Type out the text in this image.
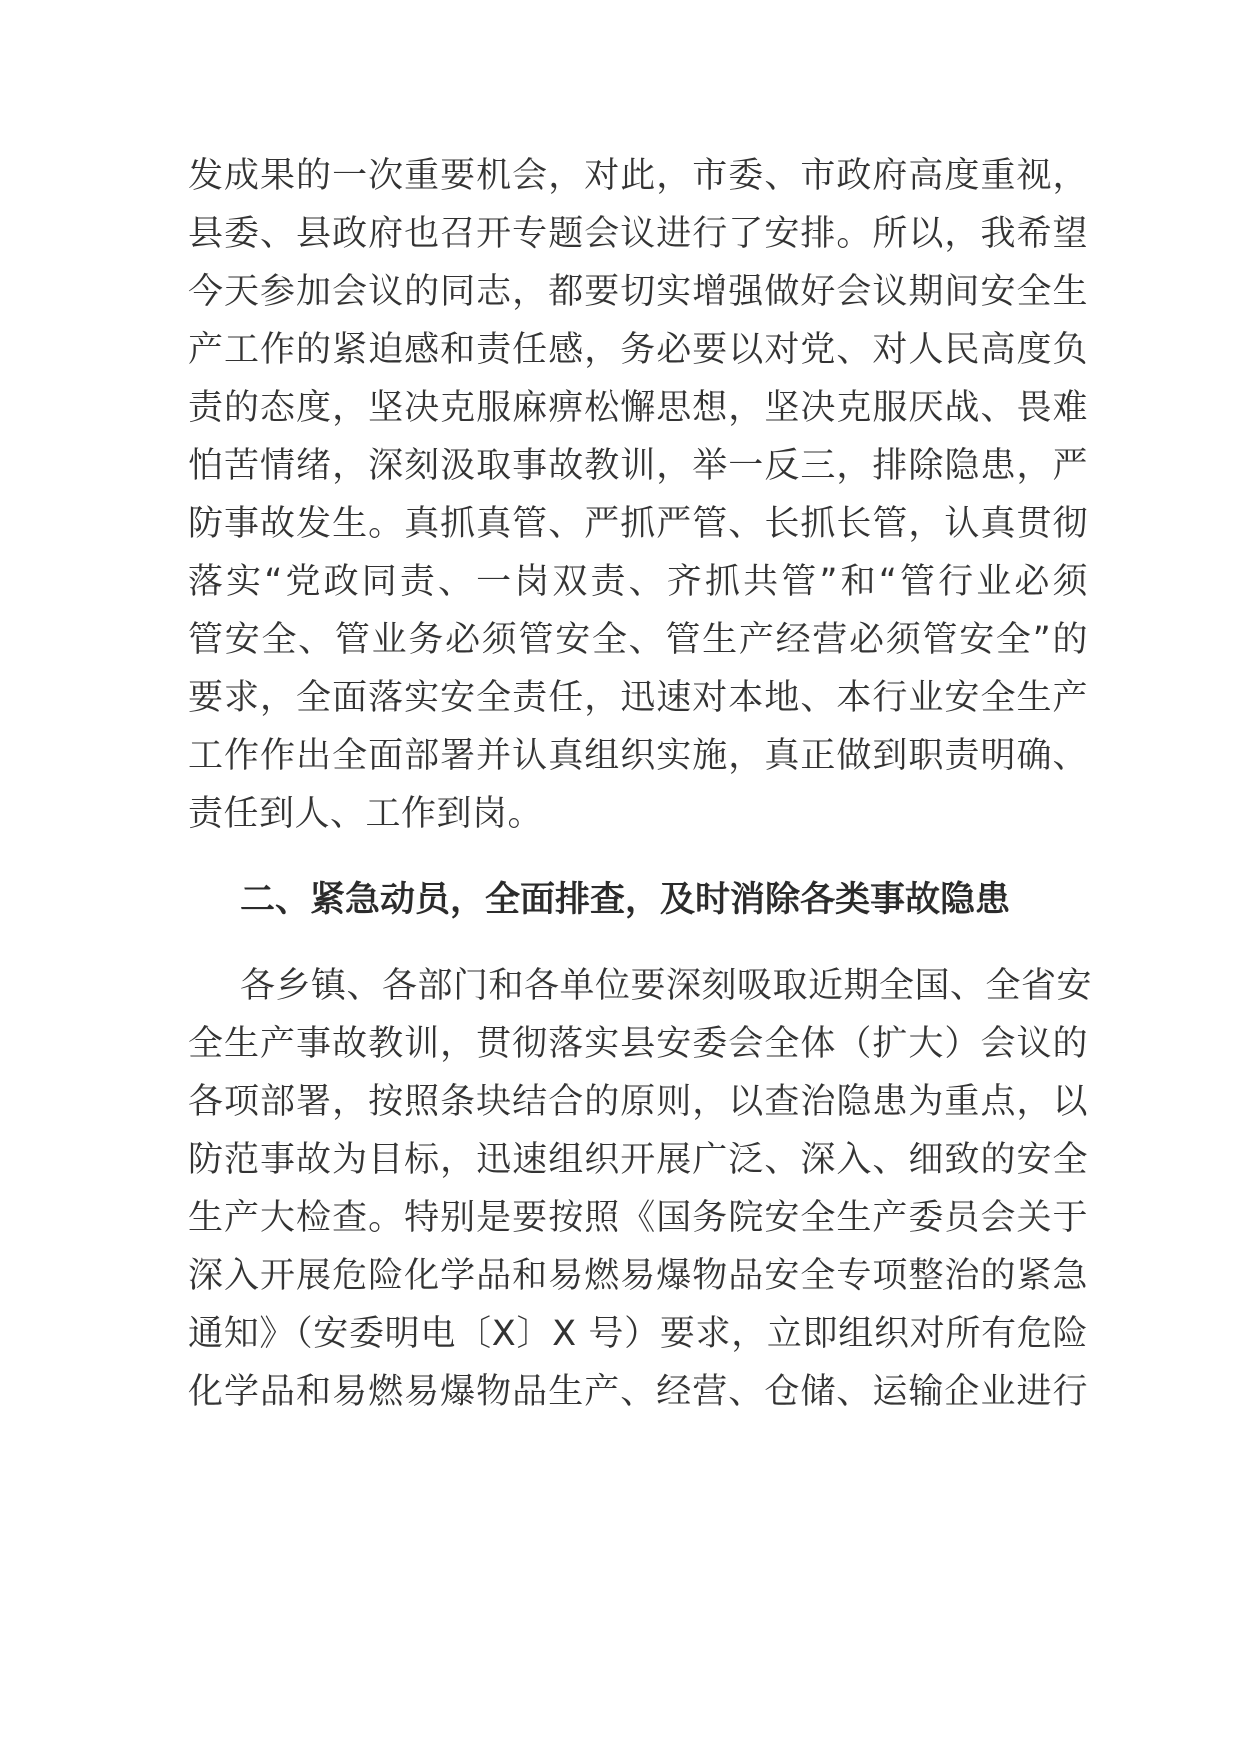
发成果的一次重要机会，对此，市委、市政府高度重视，
县委、县政府也召开专题会议进行了安排。所以，我希望
今天参加会议的同志，都要切实增强做好会议期间安全生
产工作的紧迫感和责任感，务必要以对党、对人民高度负
责的态度，坚决克服麻痹松懈思想，坚决克服厌战、畏难
怕苦情绪，深刻汲取事故教训，举一反三，排除隐患，严
防事故发生。真抓真管、严抓严管、长抓长管，认真贯彻
落实“党政同责、一岗双责、齐抓共管”和“管行业必须
管安全、管业务必须管安全、管生产经营必须管安全”的
要求，全面落实安全责任，迅速对本地、本行业安全生产
工作作出全面部署并认真组织实施，真正做到职责明确、
责任到人、工作到岗。
二、紧急动员，全面排查，及时消除各类事故隐患
各乡镇、各部门和各单位要深刻吸取近期全国、全省安
全生产事故教训，贯彻落实县安委会全体（扩大）会议的
各项部署，按照条块结合的原则，以查治隐患为重点，以
防范事故为目标，迅速组织开展广泛、深入、细致的安全
生产大检查。特别是要按照《国务院安全生产委员会关于
深入开展危险化学品和易燃易爆物品安全专项整治的紧急
通知》（安委明电〔X〕X 号）要求，立即组织对所有危险
化学品和易燃易爆物品生产、经营、仓储、运输企业进行
